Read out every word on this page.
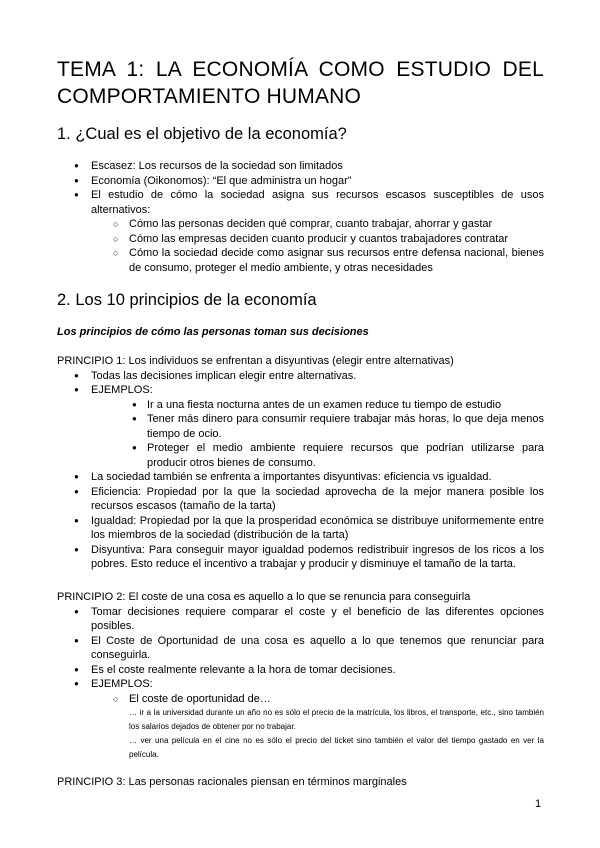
TEMA 1: LA ECONOMÍA COMO ESTUDIO DEL COMPORTAMIENTO HUMANO
1. ¿Cual es el objetivo de la economía?
● Escasez: Los recursos de la sociedad son limitados
● Economía (Oikonomos): “El que administra un hogar”
● El estudio de cómo la sociedad asigna sus recursos escasos susceptibles de usos alternativos:
○ Cómo las personas deciden qué comprar, cuanto trabajar, ahorrar y gastar
○ Cómo las empresas deciden cuanto producir y cuantos trabajadores contratar
○ Cómo la sociedad decide como asignar sus recursos entre defensa nacional, bienes de consumo, proteger el medio ambiente, y otras necesidades
2. Los 10 principios de la economía

Los principios de cómo las personas toman sus decisiones

PRINCIPIO 1: Los individuos se enfrentan a disyuntivas (elegir entre alternativas)

● Todas las decisiones implican elegir entre alternativas.
● EJEMPLOS:
● Ir a una fiesta nocturna antes de un examen reduce tu tiempo de estudio
● Tener más dinero para consumir requiere trabajar más horas, lo que deja menos tiempo de ocio.
● Proteger el medio ambiente requiere recursos que podrían utilizarse para producir otros bienes de consumo.
● La sociedad también se enfrenta a importantes disyuntivas: eficiencia vs igualdad.
● Eficiencia: Propiedad por la que la sociedad aprovecha de la mejor manera posible los recursos escasos (tamaño de la tarta)
● Igualdad: Propiedad por la que la prosperidad económica se distribuye uniformemente entre los miembros de la sociedad (distribución de la tarta)
● Disyuntiva: Para conseguir mayor igualdad podemos redistribuir ingresos de los ricos a los pobres. Esto reduce el incentivo a trabajar y producir y disminuye el tamaño de la tarta.

PRINCIPIO 2: El coste de una cosa es aquello a lo que se renuncia para conseguirla

● Tomar decisiones requiere comparar el coste y el beneficio de las diferentes opciones posibles.
● El Coste de Oportunidad de una cosa es aquello a lo que tenemos que renunciar para conseguirla.
● Es el coste realmente relevante a la hora de tomar decisiones.
● EJEMPLOS:
○ El coste de oportunidad de…
… ir a la universidad durante un año no es sólo el precio de la matrícula, los libros, el transporte, etc., sino también los salarios dejados de obtener por no trabajar.
… ver una película en el cine no es sólo el precio del ticket sino también el valor del tiempo gastado en ver la película.

PRINCIPIO 3: Las personas racionales piensan en términos marginales

1
